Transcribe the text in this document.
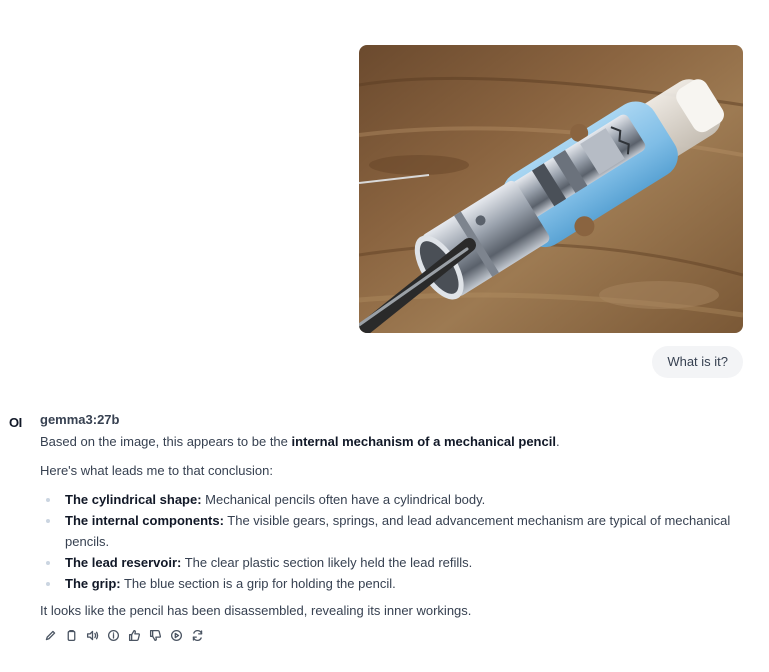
What is it?
OI gemma3:27b

Based on the image, this appears to be the internal mechanism of a mechanical pencil.

Here's what leads me to that conclusion:

The cylindrical shape: Mechanical pencils often have a cylindrical body.
The internal components: The visible gears, springs, and lead advancement mechanism are typical of mechanical pencils.
The lead reservoir: The clear plastic section likely held the lead refills.
The grip: The blue section is a grip for holding the pencil.

It looks like the pencil has been disassembled, revealing its inner workings.
